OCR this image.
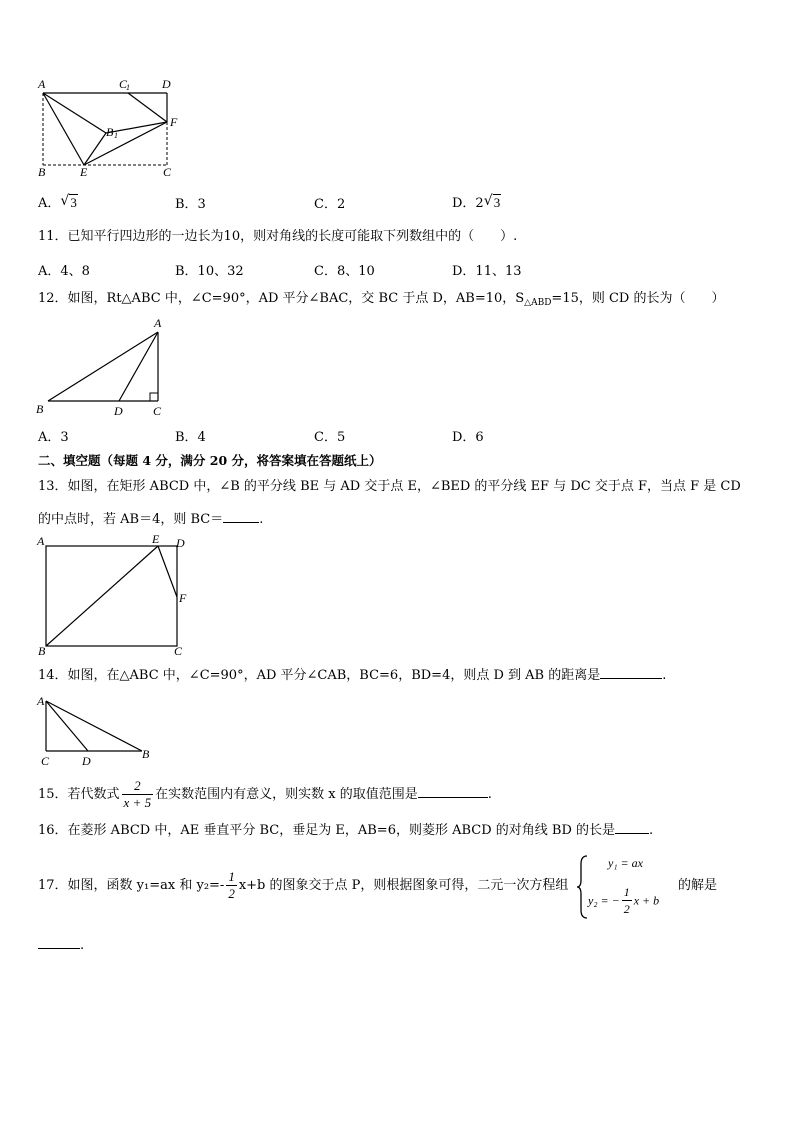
A	C
1	D
B 1
F
B	E	C
A． √ 3	B．3	C．2	D．2 √ 3
11．已知平行四边形的一边长为10，则对角线的长度可能取下列数组中的（　　）.
A．4、8	B．10、32	C．8、10	D．11、13
12．如图，Rt△ABC 中，∠C=90°，AD 平分∠BAC，交 BC 于点 D，AB=10，$S_{\triangle ABD}=15$，则 CD 的长为（　　）
A
B	D	C
A．3	B．4	C．5	D．6
二、填空题（每题 4 分，满分 20 分，将答案填在答题纸上）
13．如图，在矩形 ABCD 中，∠B 的平分线 BE 与 AD 交于点 E，∠BED 的平分线 EF 与 DC 交于点 F，当点 F 是 CD
的中点时，若 AB＝4，则 BC＝	.
A	E D
F
B	C
14．如图，在△ABC 中，∠C=90°，AD 平分∠CAB，BC=6，BD=4，则点 D 到 AB 的距离是	.
A
C	D	B
15．若代数式 $\frac{2}{x + 5}$ 在实数范围内有意义，则实数 x 的取值范围是	.
16．在菱形 ABCD 中，AE 垂直平分 BC，垂足为 E，AB=6，则菱形 ABCD 的对角线 BD 的长是	.
17．如图，函数 y₁=ax 和 $y_2=- \frac{1}{2} x+b$ 的图象交于点 P，则根据图象可得，二元一次方程组
y₁ = ax
y₂ = − $\frac{1}{2}$ x + b
的解是
.
